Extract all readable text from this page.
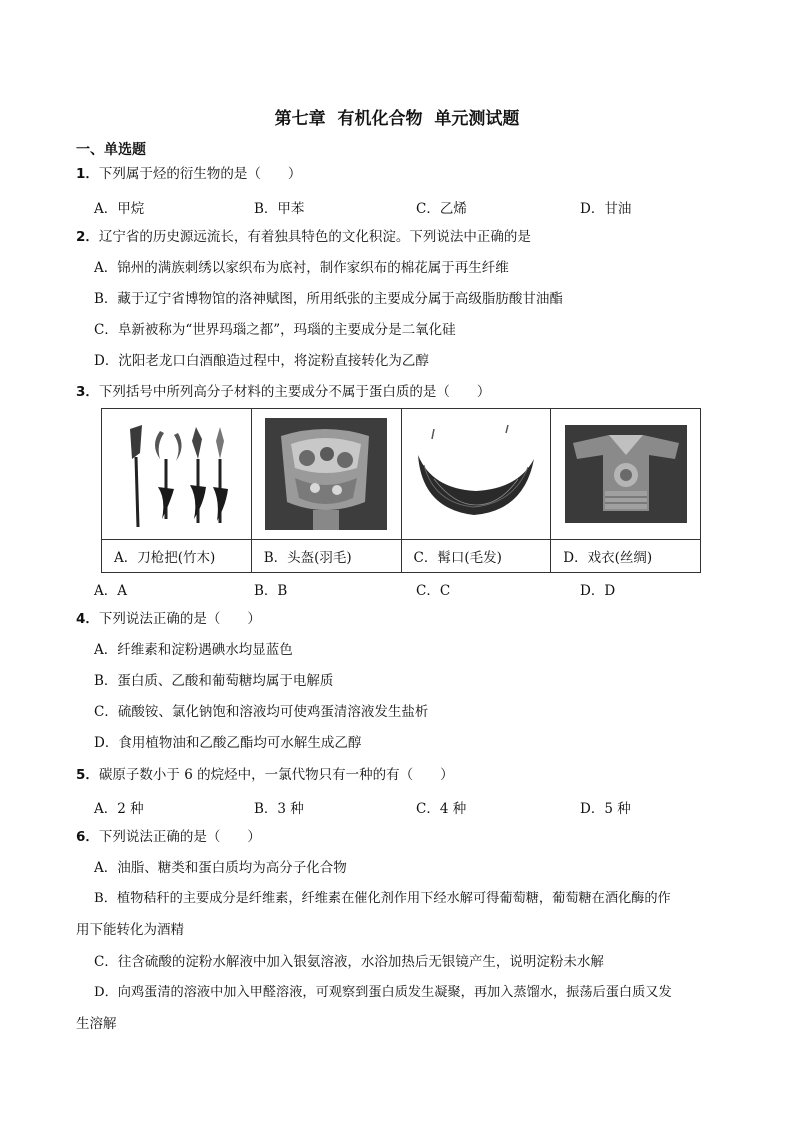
第七章  有机化合物  单元测试题
一、单选题
1．下列属于烃的衍生物的是（　　）
A．甲烷	B．甲苯	C．乙烯	D．甘油
2．辽宁省的历史源远流长，有着独具特色的文化积淀。下列说法中正确的是
A．锦州的满族刺绣以家织布为底衬，制作家织布的棉花属于再生纤维
B．藏于辽宁省博物馆的洛神赋图，所用纸张的主要成分属于高级脂肪酸甘油酯
C．阜新被称为“世界玛瑙之都”，玛瑙的主要成分是二氧化硅
D．沈阳老龙口白酒酿造过程中，将淀粉直接转化为乙醇
3．下列括号中所列高分子材料的主要成分不属于蛋白质的是（　　）

A．刀枪把(竹木)	B．头盔(羽毛)	C．髯口(毛发)	D．戏衣(丝绸)
A．A	B．B	C．C	D．D
4．下列说法正确的是（　　）
A．纤维素和淀粉遇碘水均显蓝色
B．蛋白质、乙酸和葡萄糖均属于电解质
C．硫酸铵、氯化钠饱和溶液均可使鸡蛋清溶液发生盐析
D．食用植物油和乙酸乙酯均可水解生成乙醇
5．碳原子数小于 6 的烷烃中，一氯代物只有一种的有（　　）
A．2 种	B．3 种	C．4 种	D．5 种
6．下列说法正确的是（　　）
A．油脂、糖类和蛋白质均为高分子化合物
B．植物秸秆的主要成分是纤维素，纤维素在催化剂作用下经水解可得葡萄糖，葡萄糖在酒化酶的作
用下能转化为酒精
C．往含硫酸的淀粉水解液中加入银氨溶液，水浴加热后无银镜产生，说明淀粉未水解
D．向鸡蛋清的溶液中加入甲醛溶液，可观察到蛋白质发生凝聚，再加入蒸馏水，振荡后蛋白质又发
生溶解
